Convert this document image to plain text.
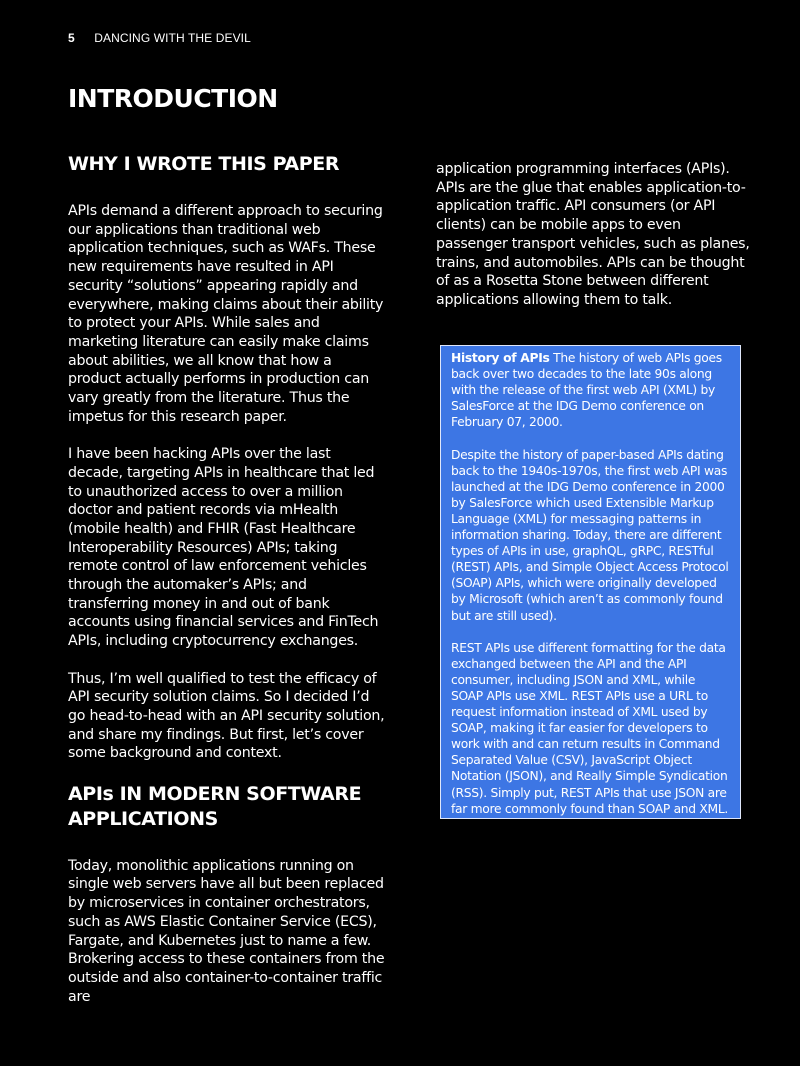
5 DANCING WITH THE DEVIL
INTRODUCTION
WHY I WROTE THIS PAPER

APIs demand a different approach to securing our applications than traditional web application techniques, such as WAFs. These new requirements have resulted in API security “solutions” appearing rapidly and everywhere, making claims about their ability to protect your APIs. While sales and marketing literature can easily make claims about abilities, we all know that how a product actually performs in production can vary greatly from the literature. Thus the impetus for this research paper.

I have been hacking APIs over the last decade, targeting APIs in healthcare that led to unauthorized access to over a million doctor and patient records via mHealth (mobile health) and FHIR (Fast Healthcare Interoperability Resources) APIs; taking remote control of law enforcement vehicles through the automaker’s APIs; and transferring money in and out of bank accounts using financial services and FinTech APIs, including cryptocurrency exchanges.

Thus, I’m well qualified to test the efficacy of API security solution claims. So I decided I’d go head-to-head with an API security solution, and share my findings. But first, let’s cover some background and context.

APIs IN MODERN SOFTWARE APPLICATIONS

Today, monolithic applications running on single web servers have all but been replaced by microservices in container orchestrators, such as AWS Elastic Container Service (ECS), Fargate, and Kubernetes just to name a few. Brokering access to these containers from the outside and also container-to-container traffic are

application programming interfaces (APIs). APIs are the glue that enables application-to-application traffic. API consumers (or API clients) can be mobile apps to even passenger transport vehicles, such as planes, trains, and automobiles. APIs can be thought of as a Rosetta Stone between different applications allowing them to talk.

History of APIs The history of web APIs goes back over two decades to the late 90s along with the release of the first web API (XML) by SalesForce at the IDG Demo conference on February 07, 2000.

Despite the history of paper-based APIs dating back to the 1940s-1970s, the first web API was launched at the IDG Demo conference in 2000 by SalesForce which used Extensible Markup Language (XML) for messaging patterns in information sharing. Today, there are different types of APIs in use, graphQL, gRPC, RESTful (REST) APIs, and Simple Object Access Protocol (SOAP) APIs, which were originally developed by Microsoft (which aren’t as commonly found but are still used).

REST APIs use different formatting for the data exchanged between the API and the API consumer, including JSON and XML, while SOAP APIs use XML. REST APIs use a URL to request information instead of XML used by SOAP, making it far easier for developers to work with and can return results in Command Separated Value (CSV), JavaScript Object Notation (JSON), and Really Simple Syndication (RSS). Simply put, REST APIs that use JSON are far more commonly found than SOAP and XML.
